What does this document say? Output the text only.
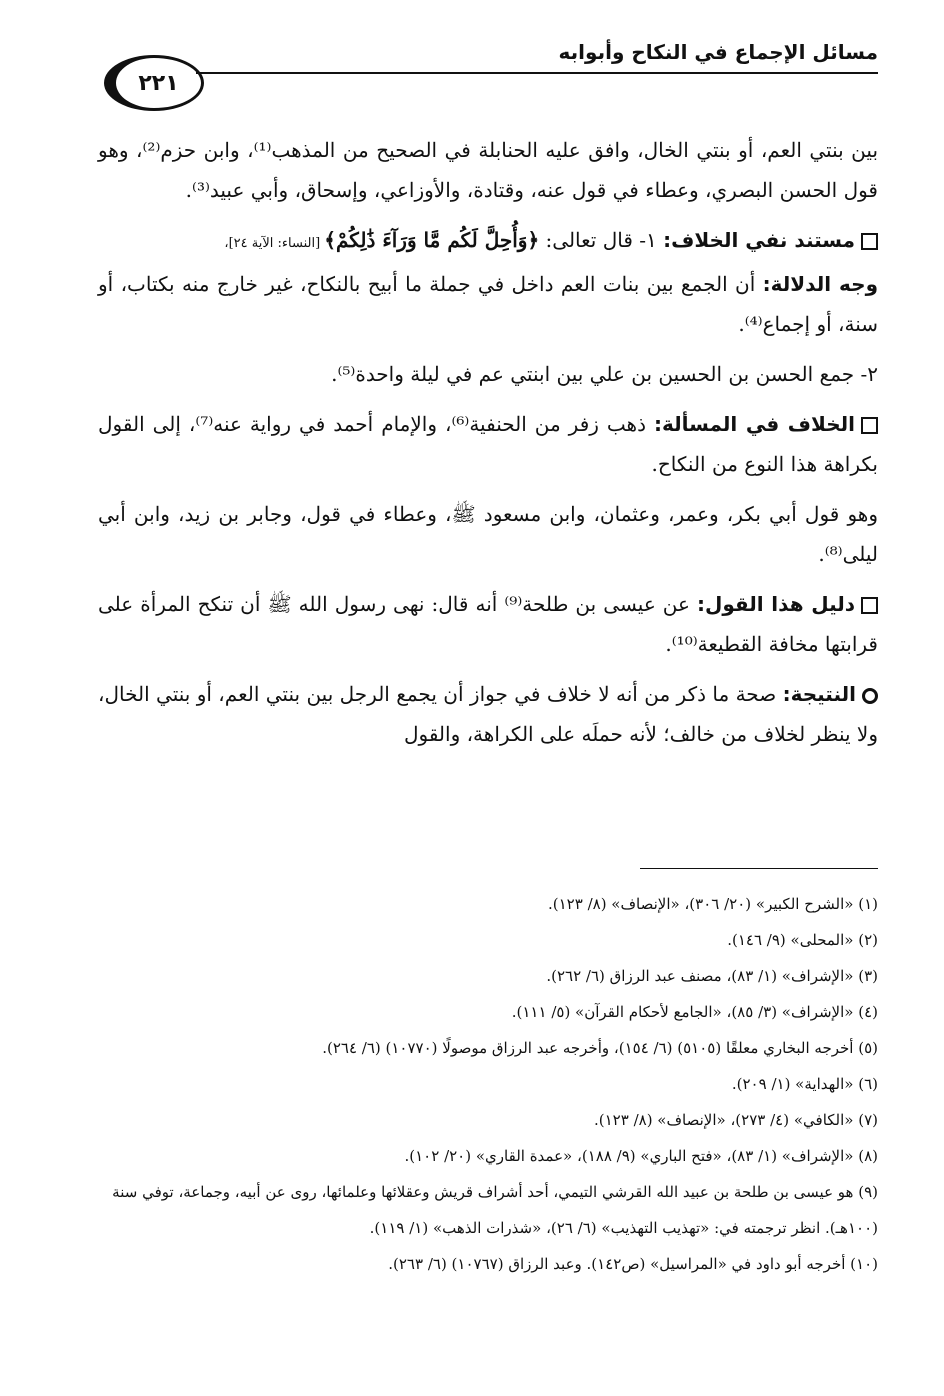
مسائل الإجماع في النكاح وأبوابه
٢٢١

بين بنتي العم، أو بنتي الخال، وافق عليه الحنابلة في الصحيح من المذهب⁽¹⁾، وابن حزم⁽²⁾، وهو قول الحسن البصري، وعطاء في قول عنه، وقتادة، والأوزاعي، وإسحاق، وأبي عبيد⁽³⁾.

مستند نفي الخلاف: ١- قال تعالى: ﴿وَأُحِلَّ لَكُم مَّا وَرَآءَ ذَٰلِكُمْ﴾ [النساء: الآية ٢٤]،
وجه الدلالة: أن الجمع بين بنات العم داخل في جملة ما أبيح بالنكاح، غير خارج منه بكتاب، أو سنة، أو إجماع⁽⁴⁾.

٢- جمع الحسن بن الحسين بن علي بين ابنتي عم في ليلة واحدة⁽⁵⁾.

الخلاف في المسألة: ذهب زفر من الحنفية⁽⁶⁾، والإمام أحمد في رواية عنه⁽⁷⁾، إلى القول بكراهة هذا النوع من النكاح.

وهو قول أبي بكر، وعمر، وعثمان، وابن مسعود ﷺ، وعطاء في قول، وجابر بن زيد، وابن أبي ليلى⁽⁸⁾.

دليل هذا القول: عن عيسى بن طلحة⁽⁹⁾ أنه قال: نهى رسول الله ﷺ أن تنكح المرأة على قرابتها مخافة القطيعة⁽¹⁰⁾.

النتيجة: صحة ما ذكر من أنه لا خلاف في جواز أن يجمع الرجل بين بنتي العم، أو بنتي الخال، ولا ينظر لخلاف من خالف؛ لأنه حملَه على الكراهة، والقول

(١) «الشرح الكبير» (٢٠/ ٣٠٦)، «الإنصاف» (٨/ ١٢٣).

(٢) «المحلى» (٩/ ١٤٦).

(٣) «الإشراف» (١/ ٨٣)، مصنف عبد الرزاق (٦/ ٢٦٢).

(٤) «الإشراف» (٣/ ٨٥)، «الجامع لأحكام القرآن» (٥/ ١١١).

(٥) أخرجه البخاري معلقًا (٥١٠٥) (٦/ ١٥٤)، وأخرجه عبد الرزاق موصولًا (١٠٧٧٠) (٦/ ٢٦٤).

(٦) «الهداية» (١/ ٢٠٩).

(٧) «الكافي» (٤/ ٢٧٣)، «الإنصاف» (٨/ ١٢٣).

(٨) «الإشراف» (١/ ٨٣)، «فتح الباري» (٩/ ١٨٨)، «عمدة القاري» (٢٠/ ١٠٢).

(٩) هو عيسى بن طلحة بن عبيد الله القرشي التيمي، أحد أشراف قريش وعقلائها وعلمائها، روى عن أبيه، وجماعة، توفي سنة (١٠٠هـ). انظر ترجمته في: «تهذيب التهذيب» (٦/ ٢٦)، «شذرات الذهب» (١/ ١١٩).

(١٠) أخرجه أبو داود في «المراسيل» (ص١٤٢). وعبد الرزاق (١٠٧٦٧) (٦/ ٢٦٣).
